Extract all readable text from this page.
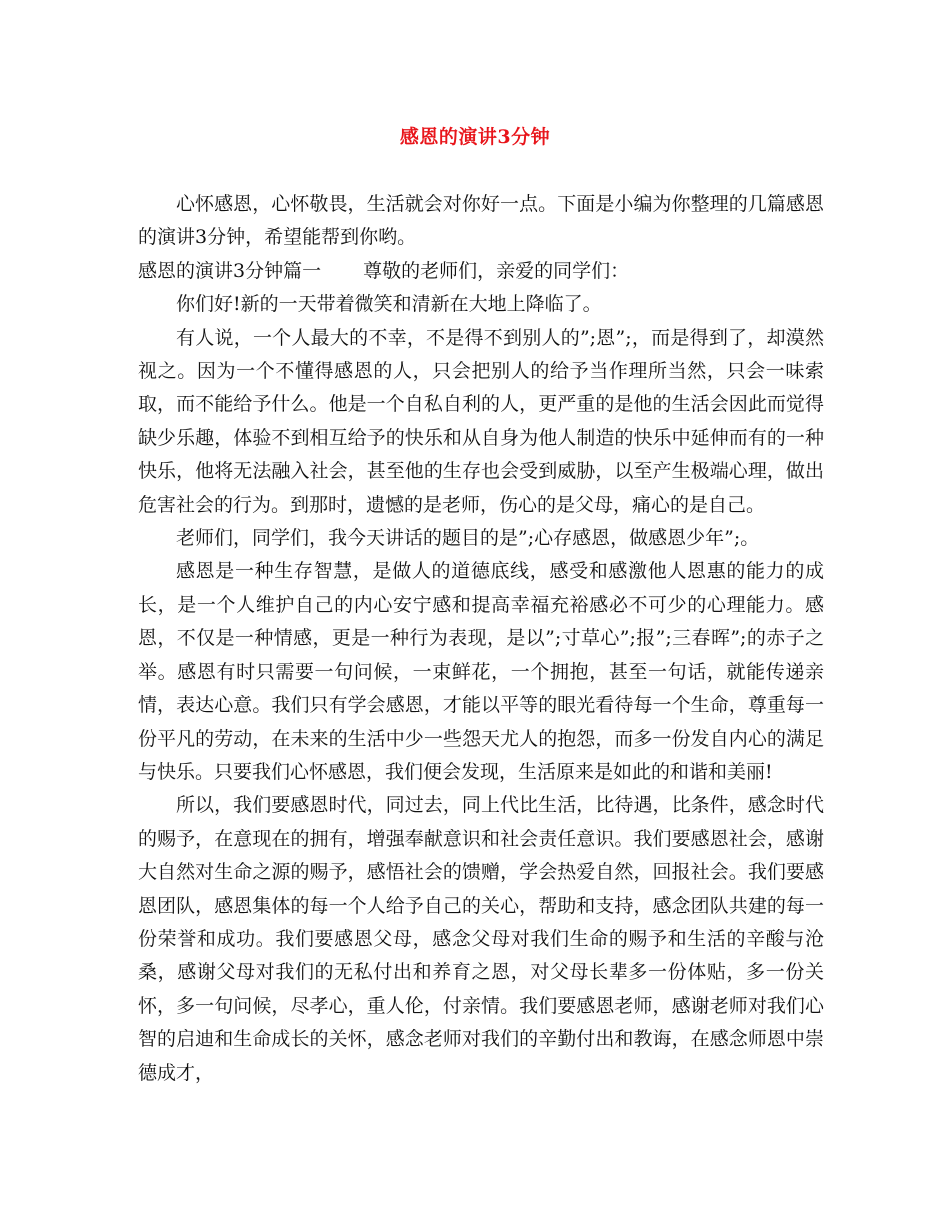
感恩的演讲3分钟

心怀感恩，心怀敬畏，生活就会对你好一点。下面是小编为你整理的几篇感恩的演讲3分钟，希望能帮到你哟。

感恩的演讲3分钟篇一 尊敬的老师们，亲爱的同学们：

你们好!新的一天带着微笑和清新在大地上降临了。

有人说，一个人最大的不幸，不是得不到别人的”;恩”;，而是得到了，却漠然视之。因为一个不懂得感恩的人，只会把别人的给予当作理所当然，只会一味索取，而不能给予什么。他是一个自私自利的人，更严重的是他的生活会因此而觉得缺少乐趣，体验不到相互给予的快乐和从自身为他人制造的快乐中延伸而有的一种快乐，他将无法融入社会，甚至他的生存也会受到威胁，以至产生极端心理，做出危害社会的行为。到那时，遗憾的是老师，伤心的是父母，痛心的是自己。

老师们，同学们，我今天讲话的题目的是”;心存感恩，做感恩少年”;。

感恩是一种生存智慧，是做人的道德底线，感受和感激他人恩惠的能力的成长，是一个人维护自己的内心安宁感和提高幸福充裕感必不可少的心理能力。感恩，不仅是一种情感，更是一种行为表现，是以”;寸草心”;报”;三春晖”;的赤子之举。感恩有时只需要一句问候，一束鲜花，一个拥抱，甚至一句话，就能传递亲情，表达心意。我们只有学会感恩，才能以平等的眼光看待每一个生命，尊重每一份平凡的劳动，在未来的生活中少一些怨天尤人的抱怨，而多一份发自内心的满足与快乐。只要我们心怀感恩，我们便会发现，生活原来是如此的和谐和美丽!

所以，我们要感恩时代，同过去，同上代比生活，比待遇，比条件，感念时代的赐予，在意现在的拥有，增强奉献意识和社会责任意识。我们要感恩社会，感谢大自然对生命之源的赐予，感悟社会的馈赠，学会热爱自然，回报社会。我们要感恩团队，感恩集体的每一个人给予自己的关心，帮助和支持，感念团队共建的每一份荣誉和成功。我们要感恩父母，感念父母对我们生命的赐予和生活的辛酸与沧桑，感谢父母对我们的无私付出和养育之恩，对父母长辈多一份体贴，多一份关怀，多一句问候，尽孝心，重人伦，付亲情。我们要感恩老师，感谢老师对我们心智的启迪和生命成长的关怀，感念老师对我们的辛勤付出和教诲，在感念师恩中崇德成才，
